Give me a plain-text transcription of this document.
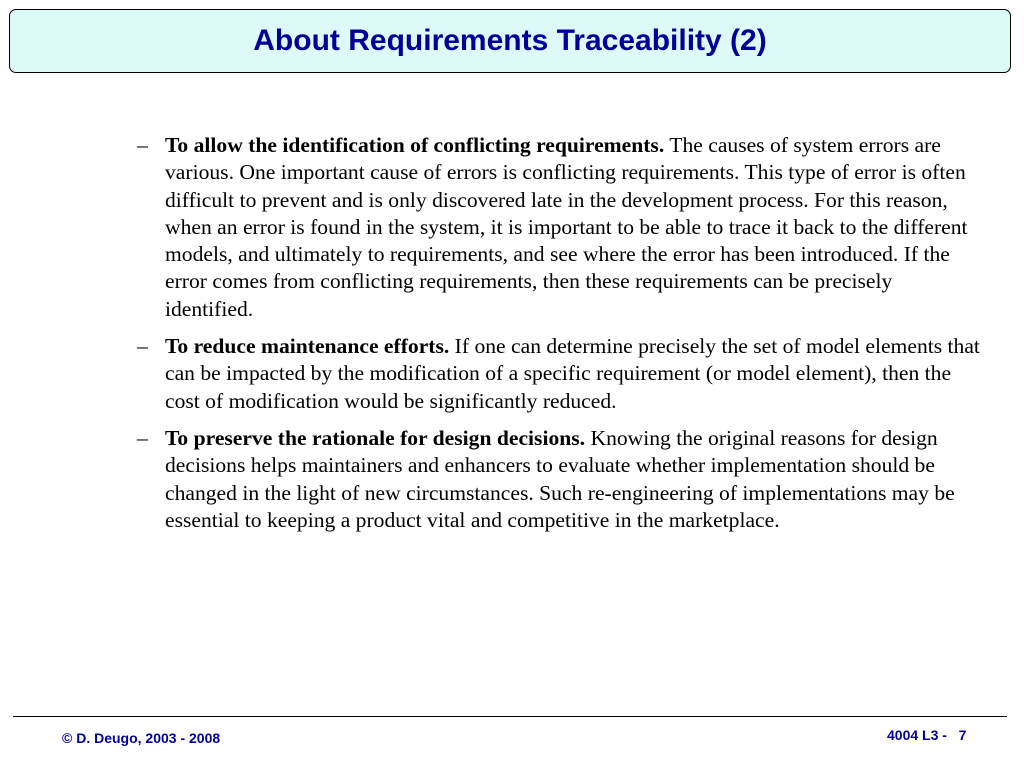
About Requirements Traceability (2)
– To allow the identification of conflicting requirements. The causes of system errors are various. One important cause of errors is conflicting requirements. This type of error is often difficult to prevent and is only discovered late in the development process. For this reason, when an error is found in the system, it is important to be able to trace it back to the different models, and ultimately to requirements, and see where the error has been introduced. If the error comes from conflicting requirements, then these requirements can be precisely identified.
– To reduce maintenance efforts. If one can determine precisely the set of model elements that can be impacted by the modification of a specific requirement (or model element), then the cost of modification would be significantly reduced.
– To preserve the rationale for design decisions. Knowing the original reasons for design decisions helps maintainers and enhancers to evaluate whether implementation should be changed in the light of new circumstances. Such re-engineering of implementations may be essential to keeping a product vital and competitive in the marketplace.
© D. Deugo, 2003 - 2008	4004 L3 - 7
